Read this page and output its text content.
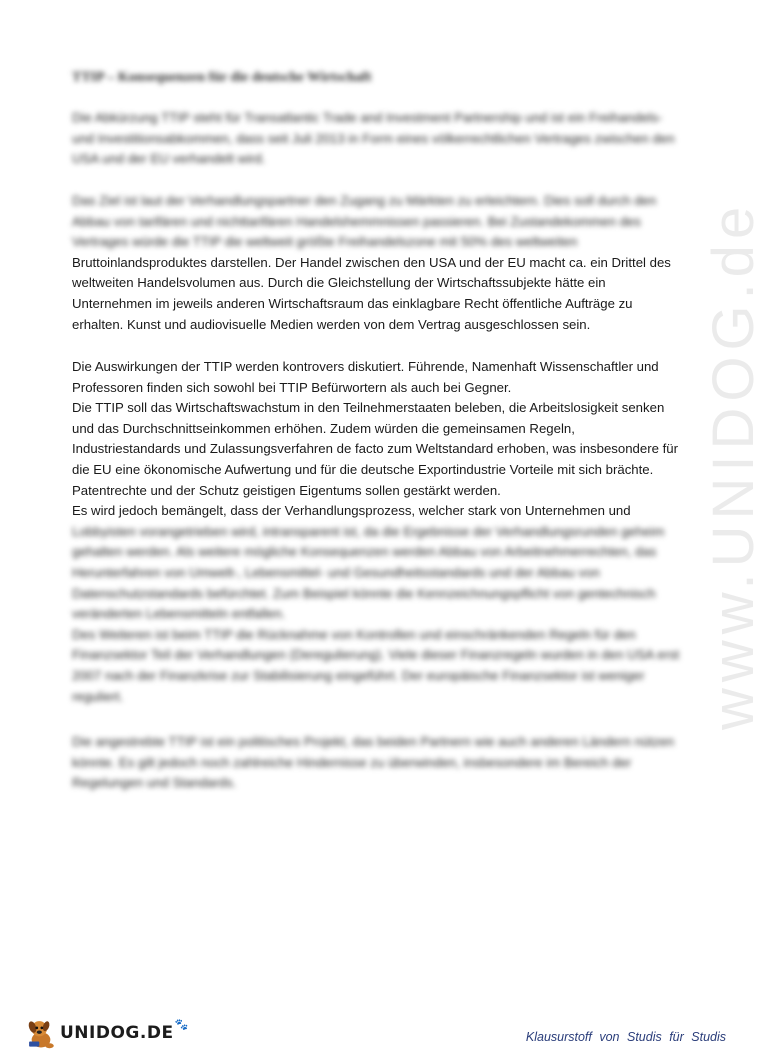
www.UNIDOG.de
TTIP – Konsequenzen für die deutsche Wirtschaft

Die Abkürzung TTIP steht für Transatlantic Trade and Investment Partnership und ist ein Freihandels- und Investitionsabkommen, dass seit Juli 2013 in Form eines völkerrechtlichen Vertrages zwischen den USA und der EU verhandelt wird.

Das Ziel ist laut der Verhandlungspartner den Zugang zu Märkten zu erleichtern. Dies soll durch den Abbau von tarifären und nichttarifären Handelshemmnissen passieren. Bei Zustandekommen des Vertrages würde die TTIP die weltweit größte Freihandelszone mit 50% des weltweiten
Bruttoinlandsproduktes darstellen. Der Handel zwischen den USA und der EU macht ca. ein Drittel des weltweiten Handelsvolumen aus. Durch die Gleichstellung der Wirtschaftssubjekte hätte ein Unternehmen im jeweils anderen Wirtschaftsraum das einklagbare Recht öffentliche Aufträge zu erhalten. Kunst und audiovisuelle Medien werden von dem Vertrag ausgeschlossen sein.

Die Auswirkungen der TTIP werden kontrovers diskutiert. Führende, Namenhaft Wissenschaftler und Professoren finden sich sowohl bei TTIP Befürwortern als auch bei Gegner.

Die TTIP soll das Wirtschaftswachstum in den Teilnehmerstaaten beleben, die Arbeitslosigkeit senken und das Durchschnittseinkommen erhöhen. Zudem würden die gemeinsamen Regeln, Industriestandards und Zulassungsverfahren de facto zum Weltstandard erhoben, was insbesondere für die EU eine ökonomische Aufwertung und für die deutsche Exportindustrie Vorteile mit sich brächte. Patentrechte und der Schutz geistigen Eigentums sollen gestärkt werden.

Es wird jedoch bemängelt, dass der Verhandlungsprozess, welcher stark von Unternehmen und

Lobbyisten vorangetrieben wird, intransparent ist, da die Ergebnisse der Verhandlungsrunden geheim gehalten werden. Als weitere mögliche Konsequenzen werden Abbau von Arbeitnehmerrechten, das Herunterfahren von Umwelt-, Lebensmittel- und Gesundheitsstandards und der Abbau von Datenschutzstandards befürchtet. Zum Beispiel könnte die Kennzeichnungspflicht von gentechnisch veränderten Lebensmitteln entfallen.

Des Weiteren ist beim TTIP die Rücknahme von Kontrollen und einschränkenden Regeln für den Finanzsektor Teil der Verhandlungen (Deregulierung). Viele dieser Finanzregeln wurden in den USA erst 2007 nach der Finanzkrise zur Stabilisierung eingeführt. Der europäische Finanzsektor ist weniger reguliert.

Die angestrebte TTIP ist ein politisches Projekt, das beiden Partnern wie auch anderen Ländern nützen könnte. Es gilt jedoch noch zahlreiche Hindernisse zu überwinden, insbesondere im Bereich der Regelungen und Standards.

UNIDOG.DE 🐾
Klausurstoff von Studis für Studis
